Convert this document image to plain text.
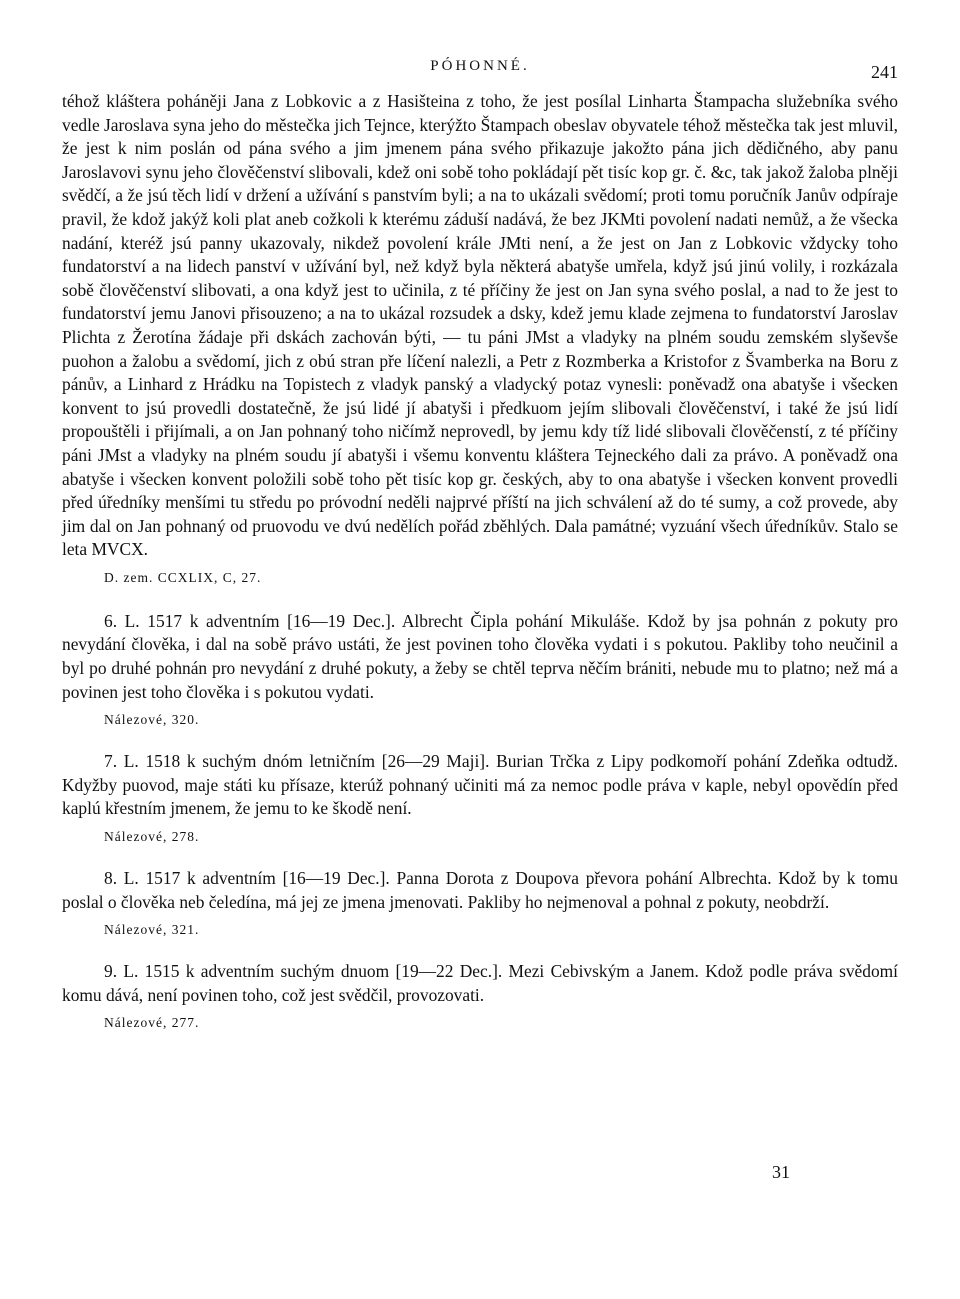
PÓHONNÉ.	241

téhož kláštera poháněji Jana z Lobkovic a z Hasišteina z toho, že jest posílal Linharta Štampacha služebníka svého vedle Jaroslava syna jeho do městečka jich Tejnce, kterýžto Štampach obeslav obyvatele téhož městečka tak jest mluvil, že jest k nim poslán od pána svého a jim jmenem pána svého přikazuje jakožto pána jich dědičného, aby panu Jaroslavovi synu jeho člověčenství slibovali, kdež oni sobě toho pokládají pět tisíc kop gr. č. &c, tak jakož žaloba plněji svědčí, a že jsú těch lidí v držení a užívání s panstvím byli; a na to ukázali svědomí; proti tomu poručník Janův odpíraje pravil, že kdož jakýž koli plat aneb cožkoli k kterému záduší nadává, že bez JKMti povolení nadati nemůž, a že všecka nadání, kteréž jsú panny ukazovaly, nikdež povolení krále JMti není, a že jest on Jan z Lobkovic vždycky toho fundatorství a na lidech panství v užívání byl, než když byla některá abatyše umřela, když jsú jinú volily, i rozkázala sobě člověčenství slibovati, a ona když jest to učinila, z té příčiny že jest on Jan syna svého poslal, a nad to že jest to fundatorství jemu Janovi přisouzeno; a na to ukázal rozsudek a dsky, kdež jemu klade zejmena to fundatorství Jaroslav Plichta z Žerotína žádaje při dskách zachován býti, — tu páni JMst a vladyky na plném soudu zemském slyševše puohon a žalobu a svědomí, jich z obú stran pře líčení nalezli, a Petr z Rozmberka a Kristofor z Švamberka na Boru z pánův, a Linhard z Hrádku na Topistech z vladyk panský a vladycký potaz vynesli: poněvadž ona abatyše i všecken konvent to jsú provedli dostatečně, že jsú lidé jí abatyši i předkuom jejím slibovali člověčenství, i také že jsú lidí propouštěli i přijímali, a on Jan pohnaný toho ničímž neprovedl, by jemu kdy tíž lidé slibovali člověčenstí, z té příčiny páni JMst a vladyky na plném soudu jí abatyši i všemu konventu kláštera Tejneckého dali za právo. A poněvadž ona abatyše i všecken konvent položili sobě toho pět tisíc kop gr. českých, aby to ona abatyše i všecken konvent provedli před úředníky menšími tu středu po próvodní neděli najprvé příští na jich schválení až do té sumy, a což provede, aby jim dal on Jan pohnaný od pruovodu ve dvú nedělích pořád zběhlých. Dala památné; vyzuání všech úředníkův. Stalo se leta MVCX.

D. zem. CCXLIX, C, 27.

6. L. 1517 k adventním [16—19 Dec.]. Albrecht Čipla pohání Mikuláše. Kdož by jsa pohnán z pokuty pro nevydání člověka, i dal na sobě právo ustáti, že jest povinen toho člověka vydati i s pokutou. Pakliby toho neučinil a byl po druhé pohnán pro nevydání z druhé pokuty, a žeby se chtěl teprva něčím brániti, nebude mu to platno; než má a povinen jest toho člověka i s pokutou vydati.

Nálezové, 320.

7. L. 1518 k suchým dnóm letničním [26—29 Maji]. Burian Trčka z Lipy podkomoří pohání Zdeňka odtudž. Kdyžby puovod, maje státi ku přísaze, kterúž pohnaný učiniti má za nemoc podle práva v kaple, nebyl opovědín před kaplú křestním jmenem, že jemu to ke škodě není.

Nálezové, 278.

8. L. 1517 k adventním [16—19 Dec.]. Panna Dorota z Doupova převora pohání Albrechta. Kdož by k tomu poslal o člověka neb čeledína, má jej ze jmena jmenovati. Pakliby ho nejmenoval a pohnal z pokuty, neobdrží.

Nálezové, 321.

9. L. 1515 k adventním suchým dnuom [19—22 Dec.]. Mezi Cebivským a Janem. Kdož podle práva svědomí komu dává, není povinen toho, což jest svědčil, provozovati.

Nálezové, 277.
31
